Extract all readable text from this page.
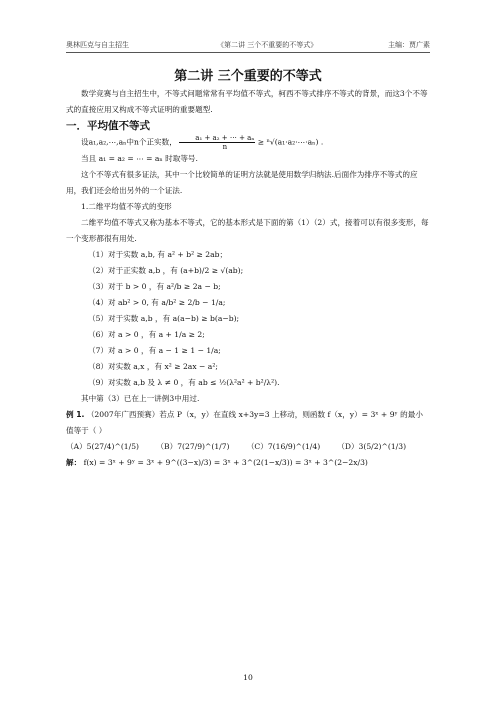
奥林匹克与自主招生	《第二讲 三个不重要的不等式》	主编：贾广素
第二讲 三个重要的不等式

数学竞赛与自主招生中，不等式问题常常有平均值不等式，柯西不等式排序不等式的背景，而这3个不等式的直接应用又构成不等式证明的重要题型.

一．平均值不等式

设a₁,a₂,⋯,aₙ中n个正实数， $\frac{\text{a₁ + a₂ + ⋯ + aₙ}}{n}$ ≥ ⁿ√(a₁·a₂·⋯·aₙ) .

当且 a₁ = a₂ = ⋯ = aₙ 时取等号.

这个不等式有很多证法，其中一个比较简单的证明方法就是使用数学归纳法.后面作为排序不等式的应用，我们还会给出另外的一个证法.

1.二维平均值不等式的变形

二维平均值不等式又称为基本不等式，它的基本形式是下面的第（1）（2）式，接着可以有很多变形，每一个变形都很有用处.

（1）对于实数 a,b, 有 a² + b² ≥ 2ab；

（2）对于正实数 a,b ，有 (a+b)/2 ≥ √(ab);

（3）对于 b > 0 ，有 a²/b ≥ 2a − b;

（4）对 ab² > 0, 有 a/b² ≥ 2/b − 1/a;

（5）对于实数 a,b ，有 a(a−b) ≥ b(a−b);

（6）对 a > 0 ，有 a + 1/a ≥ 2;

（7）对 a > 0 ，有 a − 1 ≥ 1 − 1/a;

（8）对实数 a,x ，有 x² ≥ 2ax − a²;

（9）对实数 a,b 及 λ ≠ 0 ，有 ab ≤ ½(λ²a² + b²/λ²).

其中第（3）已在上一讲例3中用过.

例 1. （2007年广西预赛）若点 P（x，y）在直线 x+3y=3 上移动，则函数 f（x，y）= 3ˣ + 9ʸ 的最小值等于（ ）

（A）5(27/4)^(1/5) （B）7(27/9)^(1/7) （C）7(16/9)^(1/4) （D）3(5/2)^(1/3)

解： f(x) = 3ˣ + 9ʸ = 3ˣ + 9^((3−x)/3) = 3ˣ + 3^(2(1−x/3)) = 3ˣ + 3^(2−2x/3)

10
